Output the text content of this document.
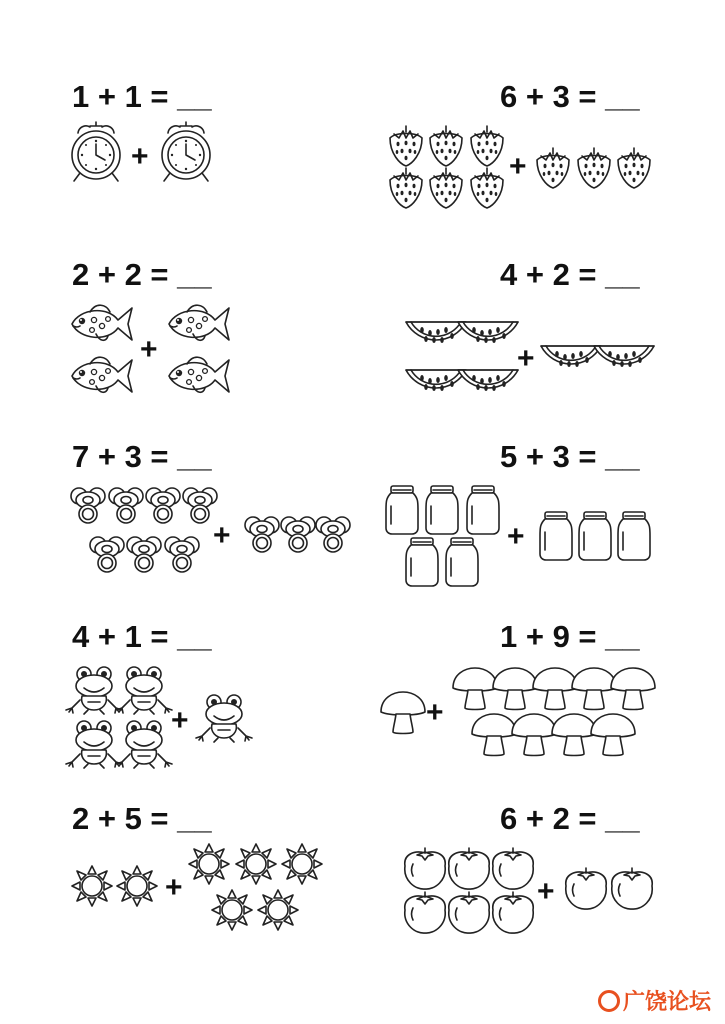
1 + 1 = __	6 + 3 = __
2 + 2 = __	4 + 2 = __
7 + 3 = __	5 + 3 = __
4 + 1 = __	1 + 9 = __
2 + 5 = __	6 + 2 = __
+	+
+	+
+	+
+	+
+	+
广饶论坛
